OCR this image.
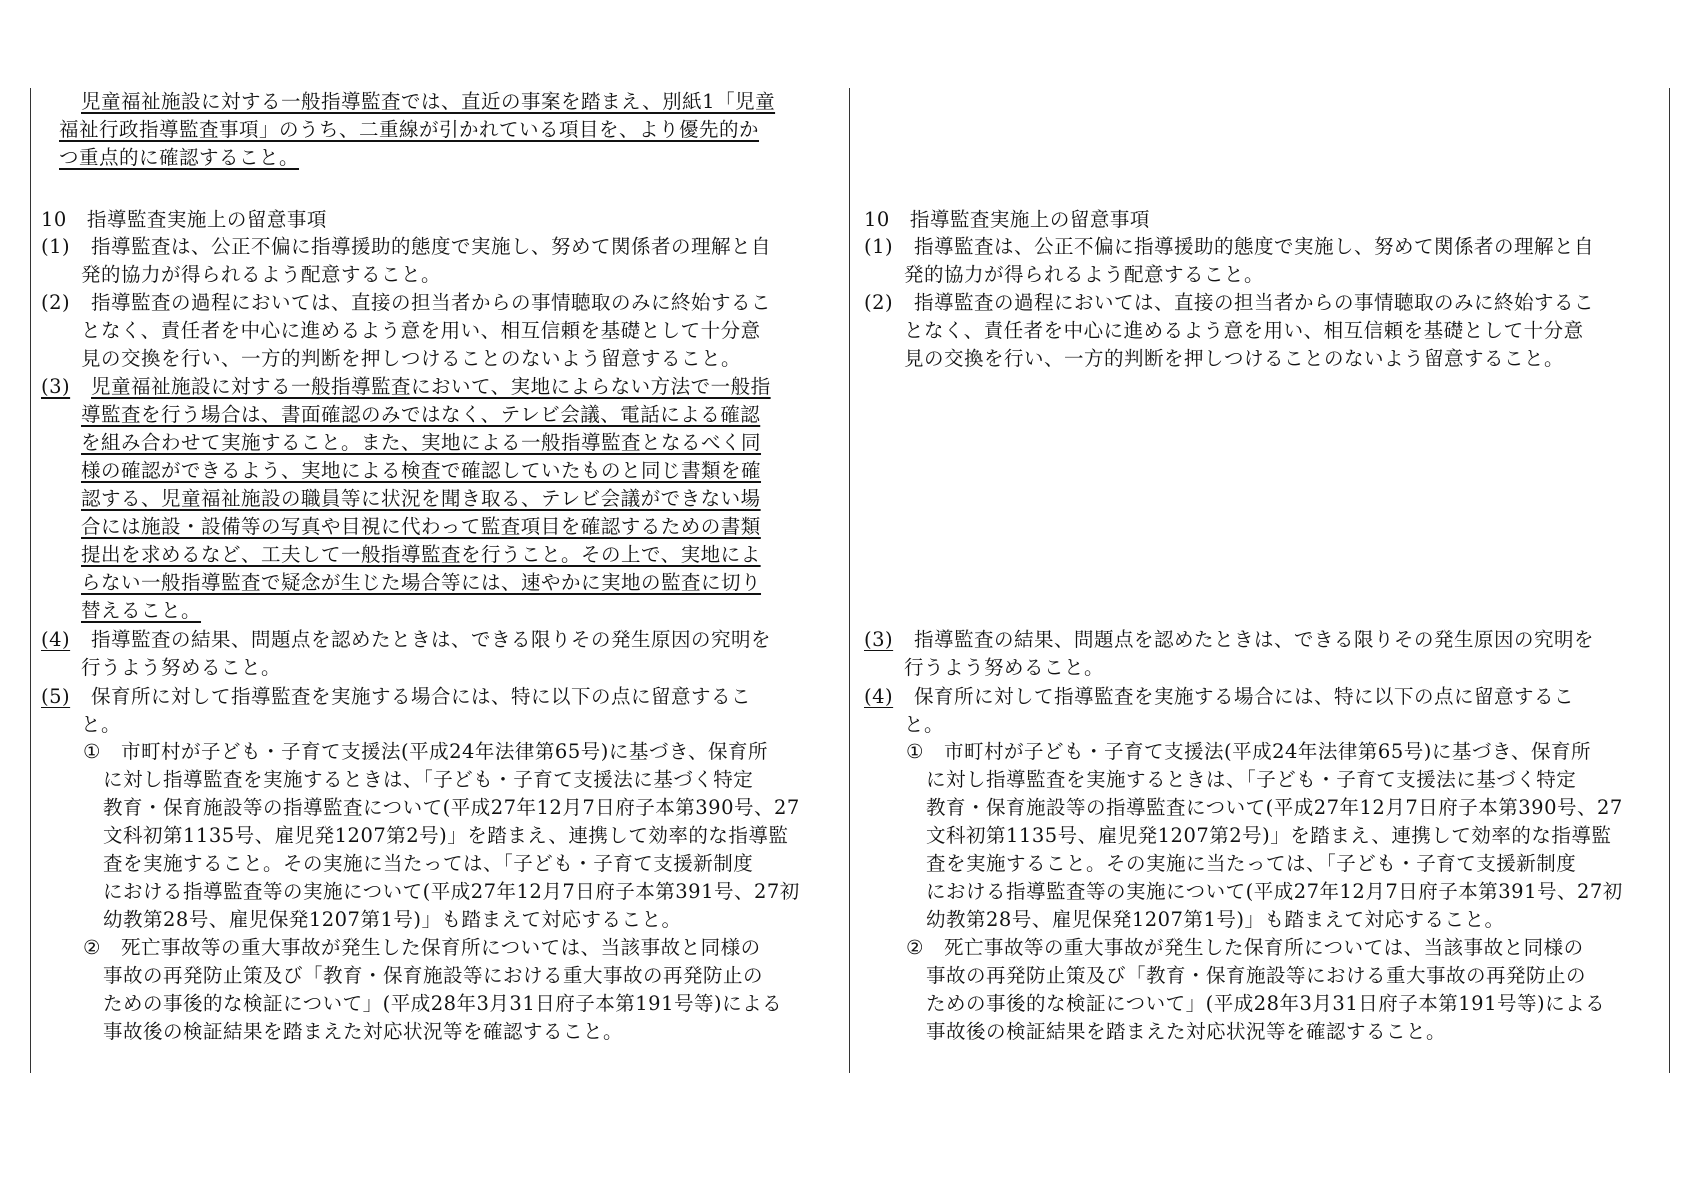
児童福祉施設に対する一般指導監査では、直近の事案を踏まえ、別紙1「児童
福祉行政指導監査事項」のうち、二重線が引かれている項目を、より優先的か
つ重点的に確認すること。
10　指導監査実施上の留意事項
(1) 指導監査は、公正不偏に指導援助的態度で実施し、努めて関係者の理解と自
発的協力が得られるよう配意すること。
(2) 指導監査の過程においては、直接の担当者からの事情聴取のみに終始するこ
となく、責任者を中心に進めるよう意を用い、相互信頼を基礎として十分意
見の交換を行い、一方的判断を押しつけることのないよう留意すること。
(3) 児童福祉施設に対する一般指導監査において、実地によらない方法で一般指
導監査を行う場合は、書面確認のみではなく、テレビ会議、電話による確認
を組み合わせて実施すること。また、実地による一般指導監査となるべく同
様の確認ができるよう、実地による検査で確認していたものと同じ書類を確
認する、児童福祉施設の職員等に状況を聞き取る、テレビ会議ができない場
合には施設・設備等の写真や目視に代わって監査項目を確認するための書類
提出を求めるなど、工夫して一般指導監査を行うこと。その上で、実地によ
らない一般指導監査で疑念が生じた場合等には、速やかに実地の監査に切り
替えること。
(4) 指導監査の結果、問題点を認めたときは、できる限りその発生原因の究明を
行うよう努めること。
(5) 保育所に対して指導監査を実施する場合には、特に以下の点に留意するこ
と。
① 市町村が子ども・子育て支援法(平成24年法律第65号)に基づき、保育所
に対し指導監査を実施するときは、「子ども・子育て支援法に基づく特定
教育・保育施設等の指導監査について(平成27年12月7日府子本第390号、27
文科初第1135号、雇児発1207第2号)」を踏まえ、連携して効率的な指導監
査を実施すること。その実施に当たっては、「子ども・子育て支援新制度
における指導監査等の実施について(平成27年12月7日府子本第391号、27初
幼教第28号、雇児保発1207第1号)」も踏まえて対応すること。
② 死亡事故等の重大事故が発生した保育所については、当該事故と同様の
事故の再発防止策及び「教育・保育施設等における重大事故の再発防止の
ための事後的な検証について」(平成28年3月31日府子本第191号等)による
事故後の検証結果を踏まえた対応状況等を確認すること。
10　指導監査実施上の留意事項
(1) 指導監査は、公正不偏に指導援助的態度で実施し、努めて関係者の理解と自
発的協力が得られるよう配意すること。
(2) 指導監査の過程においては、直接の担当者からの事情聴取のみに終始するこ
となく、責任者を中心に進めるよう意を用い、相互信頼を基礎として十分意
見の交換を行い、一方的判断を押しつけることのないよう留意すること。
(3) 指導監査の結果、問題点を認めたときは、できる限りその発生原因の究明を
行うよう努めること。
(4) 保育所に対して指導監査を実施する場合には、特に以下の点に留意するこ
と。
① 市町村が子ども・子育て支援法(平成24年法律第65号)に基づき、保育所
に対し指導監査を実施するときは、「子ども・子育て支援法に基づく特定
教育・保育施設等の指導監査について(平成27年12月7日府子本第390号、27
文科初第1135号、雇児発1207第2号)」を踏まえ、連携して効率的な指導監
査を実施すること。その実施に当たっては、「子ども・子育て支援新制度
における指導監査等の実施について(平成27年12月7日府子本第391号、27初
幼教第28号、雇児保発1207第1号)」も踏まえて対応すること。
② 死亡事故等の重大事故が発生した保育所については、当該事故と同様の
事故の再発防止策及び「教育・保育施設等における重大事故の再発防止の
ための事後的な検証について」(平成28年3月31日府子本第191号等)による
事故後の検証結果を踏まえた対応状況等を確認すること。
